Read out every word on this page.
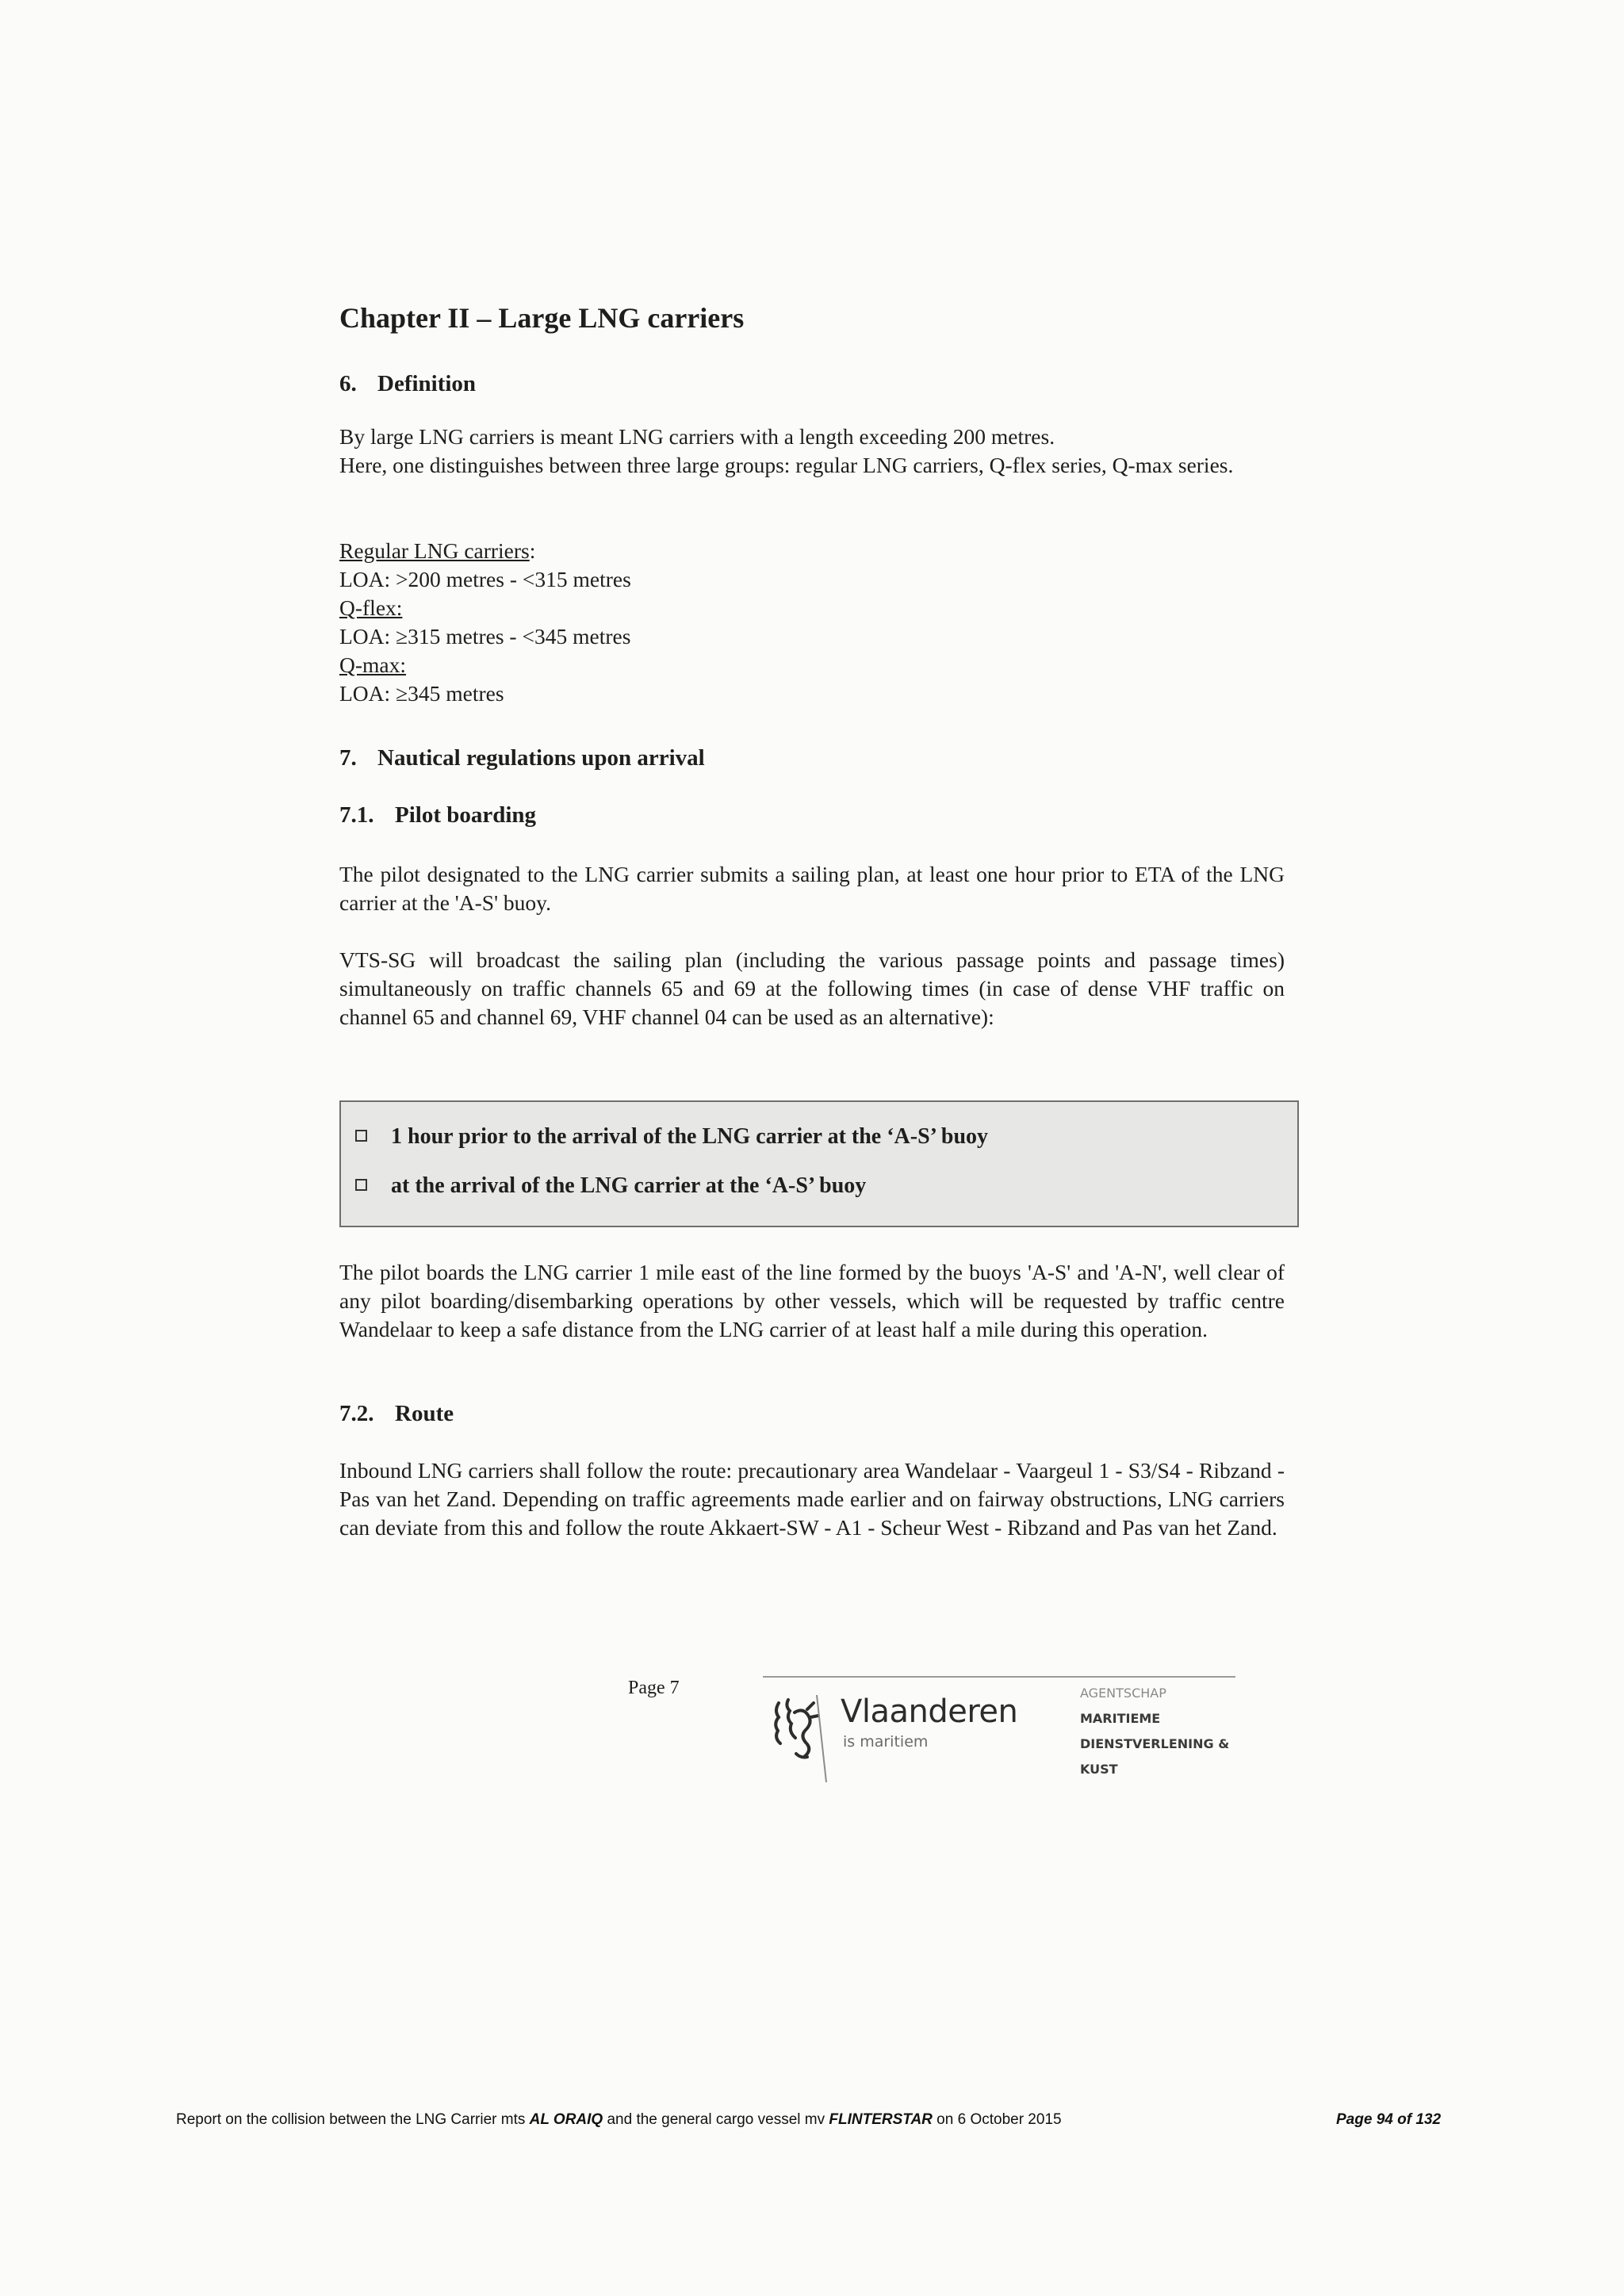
Chapter II – Large LNG carriers
6. Definition

By large LNG carriers is meant LNG carriers with a length exceeding 200 metres.

Here, one distinguishes between three large groups: regular LNG carriers, Q-flex series, Q-max series.

Regular LNG carriers:

LOA: >200 metres - <315 metres

Q-flex:

LOA: ≥315 metres - <345 metres

Q-max:

LOA: ≥345 metres

7. Nautical regulations upon arrival
7.1. Pilot boarding

The pilot designated to the LNG carrier submits a sailing plan, at least one hour prior to ETA of the LNG carrier at the 'A-S' buoy.

VTS-SG will broadcast the sailing plan (including the various passage points and passage times) simultaneously on traffic channels 65 and 69 at the following times (in case of dense VHF traffic on channel 65 and channel 69, VHF channel 04 can be used as an alternative):

1 hour prior to the arrival of the LNG carrier at the ‘A-S’ buoy
at the arrival of the LNG carrier at the ‘A-S’ buoy

The pilot boards the LNG carrier 1 mile east of the line formed by the buoys 'A-S' and 'A-N', well clear of any pilot boarding/disembarking operations by other vessels, which will be requested by traffic centre Wandelaar to keep a safe distance from the LNG carrier of at least half a mile during this operation.

7.2. Route

Inbound LNG carriers shall follow the route: precautionary area Wandelaar - Vaargeul 1 - S3/S4 - Ribzand - Pas van het Zand. Depending on traffic agreements made earlier and on fairway obstructions, LNG carriers can deviate from this and follow the route Akkaert-SW - A1 - Scheur West - Ribzand and Pas van het Zand.

Page 7
Vlaanderen
is maritiem
AGENTSCHAP
MARITIEME
DIENSTVERLENING &
KUST
Report on the collision between the LNG Carrier mts AL ORAIQ and the general cargo vessel mv FLINTERSTAR on 6 October 2015	Page 94 of 132
